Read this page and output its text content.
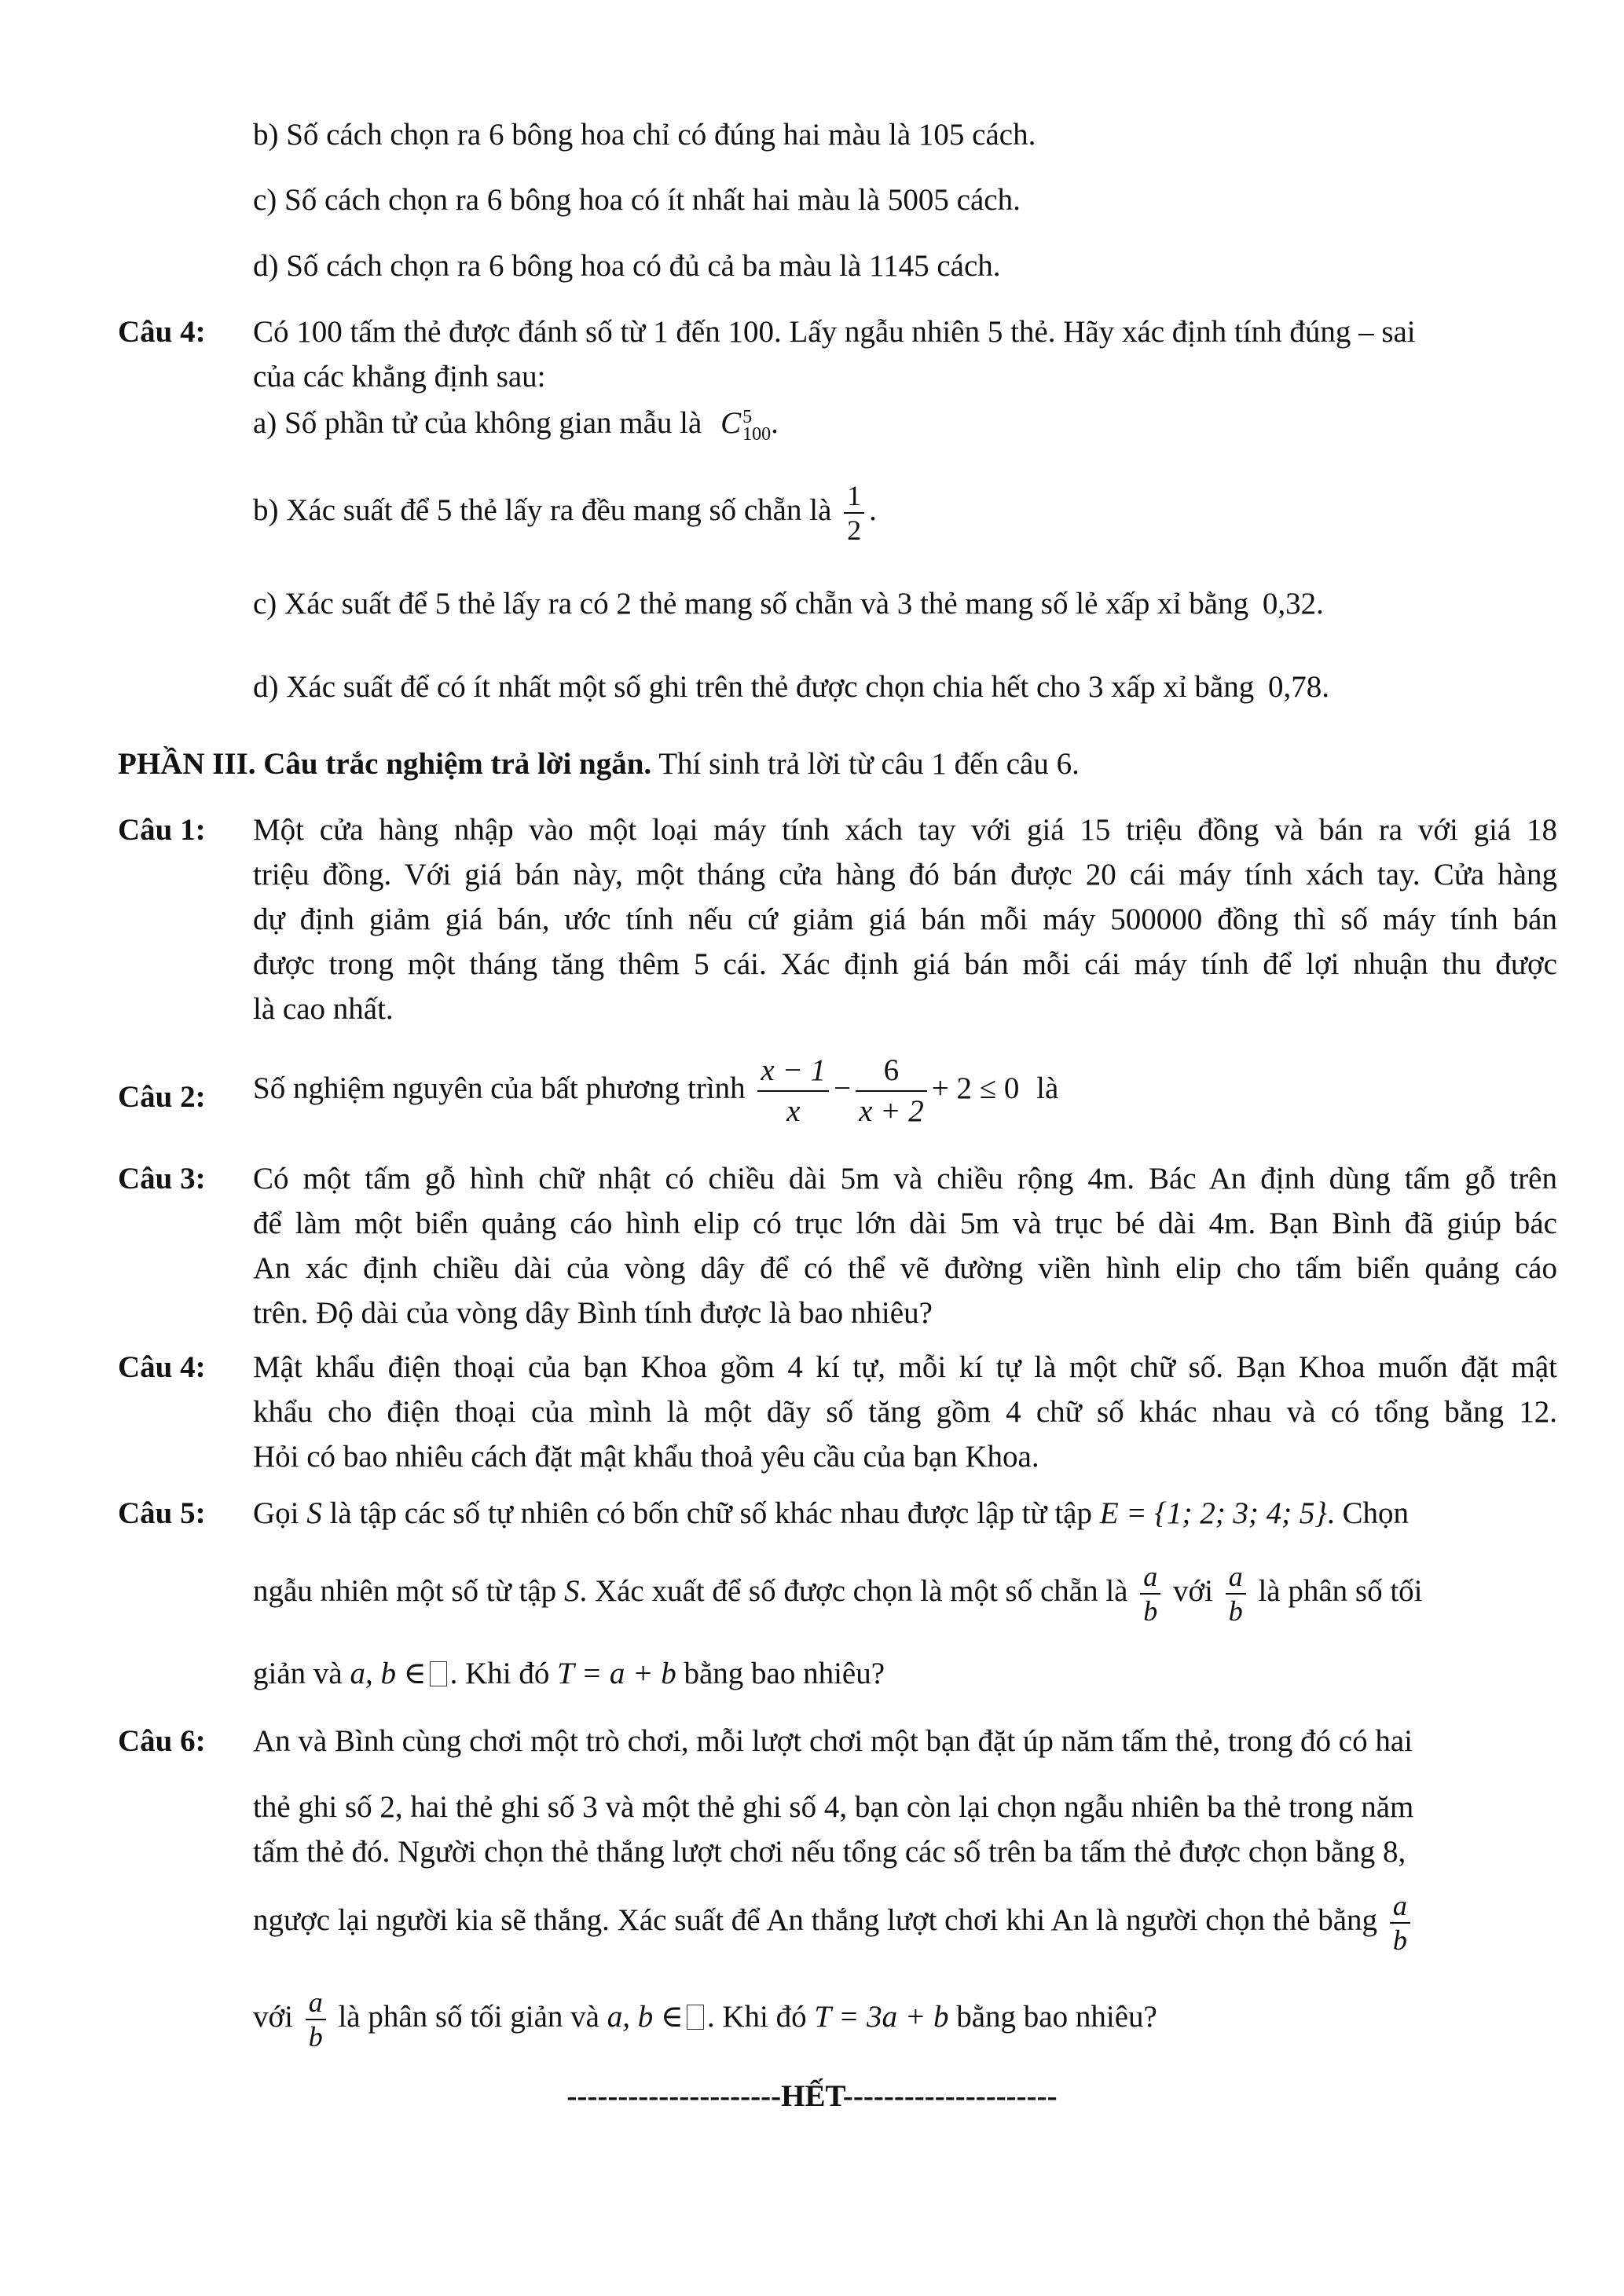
b) Số cách chọn ra 6 bông hoa chỉ có đúng hai màu là 105 cách.
c) Số cách chọn ra 6 bông hoa có ít nhất hai màu là 5005 cách.
d) Số cách chọn ra 6 bông hoa có đủ cả ba màu là 1145 cách.
Câu 4: Có 100 tấm thẻ được đánh số từ 1 đến 100. Lấy ngẫu nhiên 5 thẻ. Hãy xác định tính đúng – sai
của các khẳng định sau:
a) Số phần tử của không gian mẫu là C 5
100 .
b) Xác suất để 5 thẻ lấy ra đều mang số chẵn là $\frac{1}{2}$ .
c) Xác suất để 5 thẻ lấy ra có 2 thẻ mang số chẵn và 3 thẻ mang số lẻ xấp xỉ bằng 0,32.
d) Xác suất để có ít nhất một số ghi trên thẻ được chọn chia hết cho 3 xấp xỉ bằng 0,78.
PHẦN III. Câu trắc nghiệm trả lời ngắn. Thí sinh trả lời từ câu 1 đến câu 6.
Câu 1: Một cửa hàng nhập vào một loại máy tính xách tay với giá 15 triệu đồng và bán ra với giá 18
triệu đồng. Với giá bán này, một tháng cửa hàng đó bán được 20 cái máy tính xách tay. Cửa hàng
dự định giảm giá bán, ước tính nếu cứ giảm giá bán mỗi máy 500000 đồng thì số máy tính bán
được trong một tháng tăng thêm 5 cái. Xác định giá bán mỗi cái máy tính để lợi nhuận thu được
là cao nhất.
Câu 2: Số nghiệm nguyên của bất phương trình $\frac{x - 1}{x} - \frac{6}{x + 2} + 2 \le 0$ là
Câu 3: Có một tấm gỗ hình chữ nhật có chiều dài 5m và chiều rộng 4m. Bác An định dùng tấm gỗ trên
để làm một biển quảng cáo hình elip có trục lớn dài 5m và trục bé dài 4m. Bạn Bình đã giúp bác
An xác định chiều dài của vòng dây để có thể vẽ đường viền hình elip cho tấm biển quảng cáo
trên. Độ dài của vòng dây Bình tính được là bao nhiêu?
Câu 4: Mật khẩu điện thoại của bạn Khoa gồm 4 kí tự, mỗi kí tự là một chữ số. Bạn Khoa muốn đặt mật
khẩu cho điện thoại của mình là một dãy số tăng gồm 4 chữ số khác nhau và có tổng bằng 12.
Hỏi có bao nhiêu cách đặt mật khẩu thoả yêu cầu của bạn Khoa.
Câu 5: Gọi S là tập các số tự nhiên có bốn chữ số khác nhau được lập từ tập E = {1; 2; 3; 4; 5}. Chọn
ngẫu nhiên một số từ tập S. Xác xuất để số được chọn là một số chẵn là $\frac{a}{b}$ với $\frac{a}{b}$ là phân số tối
giản và a, b ∈ . Khi đó T = a + b bằng bao nhiêu?
Câu 6: An và Bình cùng chơi một trò chơi, mỗi lượt chơi một bạn đặt úp năm tấm thẻ, trong đó có hai
thẻ ghi số 2, hai thẻ ghi số 3 và một thẻ ghi số 4, bạn còn lại chọn ngẫu nhiên ba thẻ trong năm
tấm thẻ đó. Người chọn thẻ thắng lượt chơi nếu tổng các số trên ba tấm thẻ được chọn bằng 8,
ngược lại người kia sẽ thắng. Xác suất để An thắng lượt chơi khi An là người chọn thẻ bằng $\frac{a}{b}$
với $\frac{a}{b}$ là phân số tối giản và a, b ∈ . Khi đó T = 3a + b bằng bao nhiêu?
---------------------HẾT---------------------
